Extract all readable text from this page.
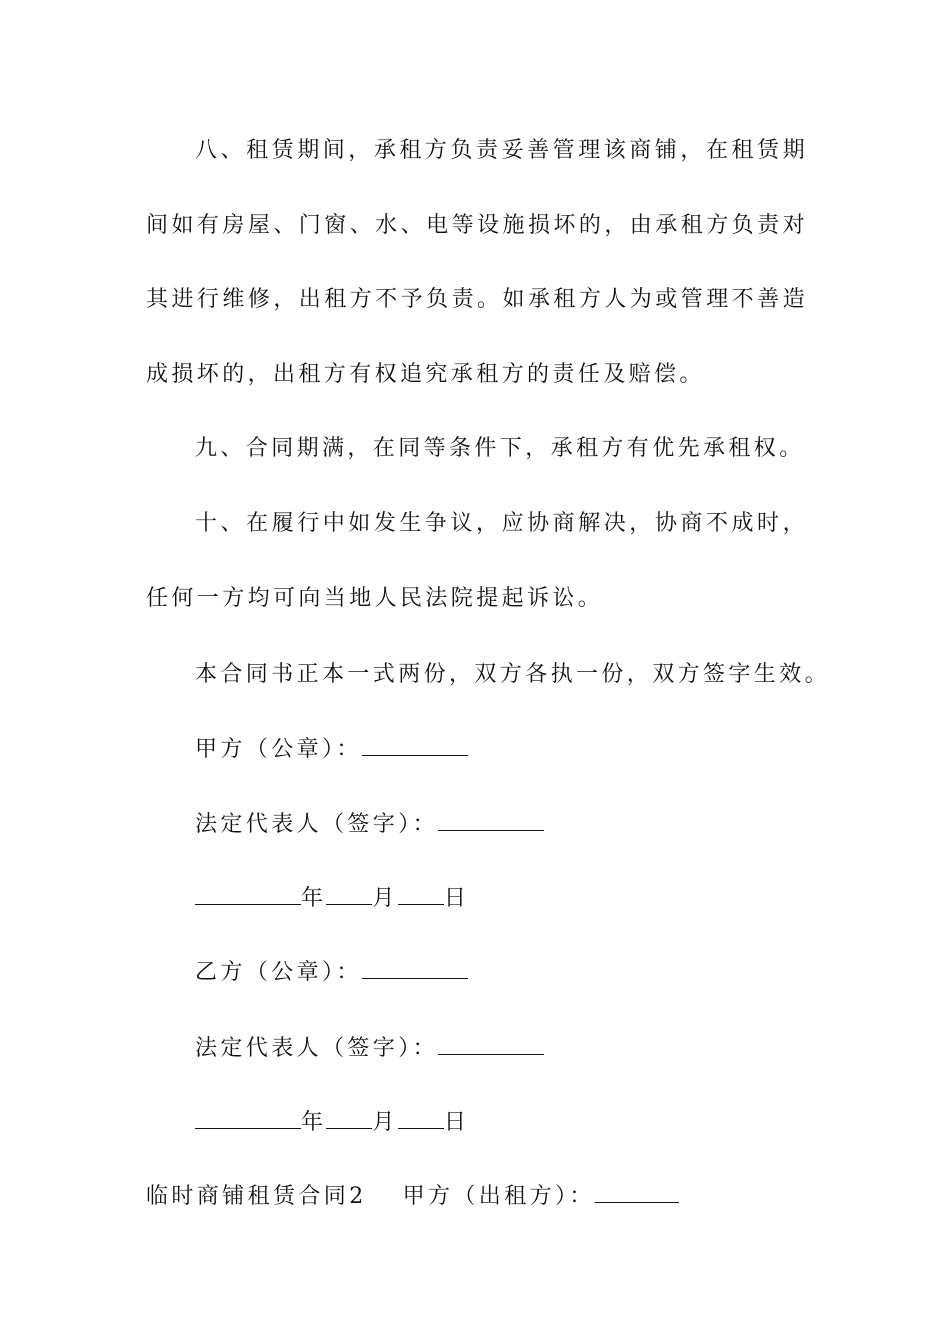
八、租赁期间，承租方负责妥善管理该商铺，在租赁期间如有房屋、门窗、水、电等设施损坏的，由承租方负责对其进行维修，出租方不予负责。如承租方人为或管理不善造成损坏的，出租方有权追究承租方的责任及赔偿。

九、合同期满，在同等条件下，承租方有优先承租权。

十、在履行中如发生争议，应协商解决，协商不成时，任何一方均可向当地人民法院提起诉讼。

本合同书正本一式两份，双方各执一份，双方签字生效。
甲方（公章）：
法定代表人（签字）：
年 月 日
乙方（公章）：
法定代表人（签字）：
年 月 日
临时商铺租赁合同2 甲方（出租方）：
